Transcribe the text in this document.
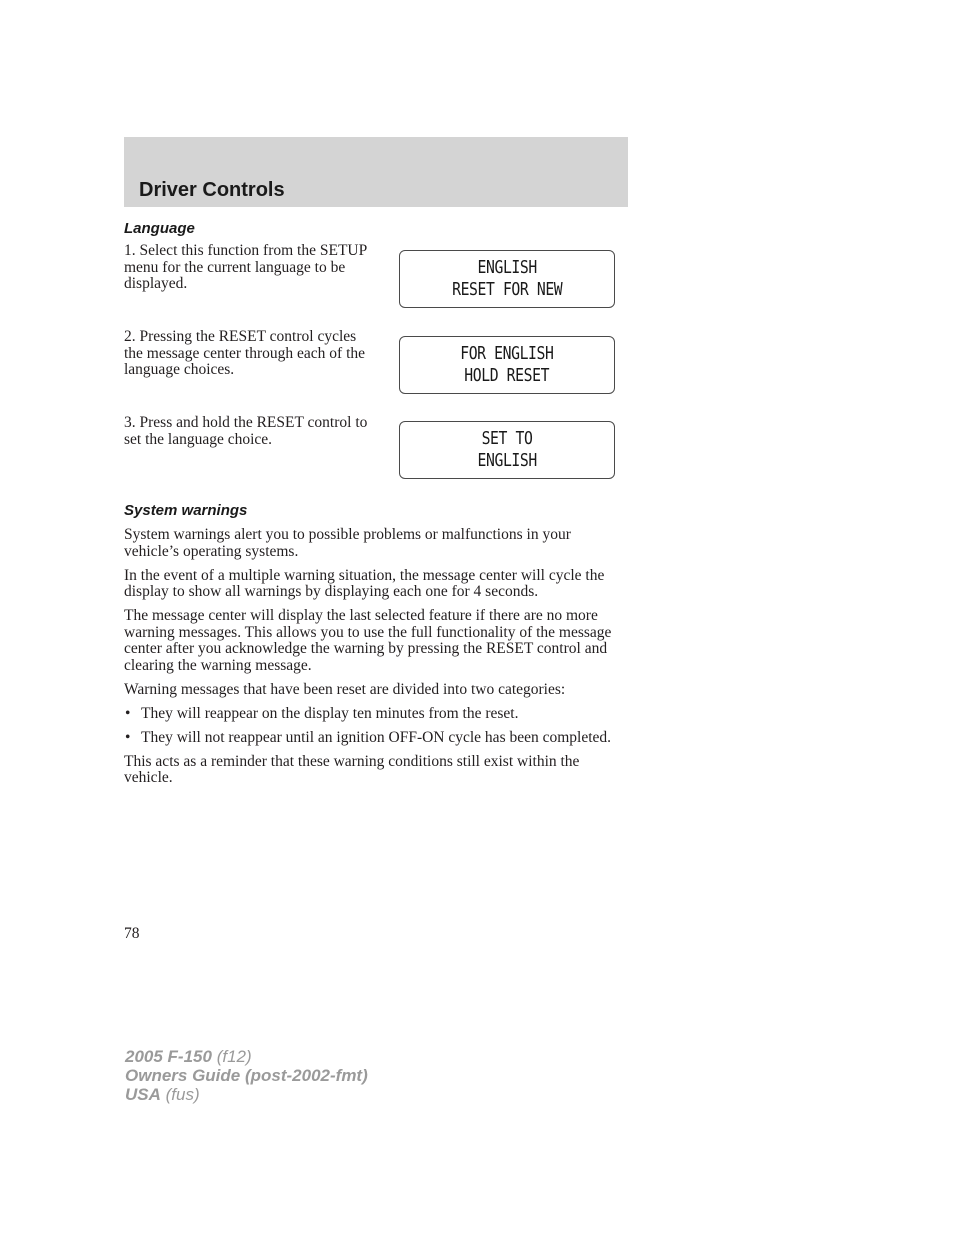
Driver Controls
Language
1. Select this function from the SETUP menu for the current language to be displayed.
ENGLISH
RESET FOR NEW
2. Pressing the RESET control cycles the message center through each of the language choices.
FOR ENGLISH
HOLD RESET
3. Press and hold the RESET control to set the language choice.	SET TO
ENGLISH
System warnings

System warnings alert you to possible problems or malfunctions in your vehicle’s operating systems.

In the event of a multiple warning situation, the message center will cycle the display to show all warnings by displaying each one for 4 seconds.

The message center will display the last selected feature if there are no more warning messages. This allows you to use the full functionality of the message center after you acknowledge the warning by pressing the RESET control and clearing the warning message.

Warning messages that have been reset are divided into two categories:

• They will reappear on the display ten minutes from the reset.
• They will not reappear until an ignition OFF-ON cycle has been completed.

This acts as a reminder that these warning conditions still exist within the vehicle.

78
2005 F-150 (f12)
Owners Guide (post-2002-fmt)
USA (fus)
